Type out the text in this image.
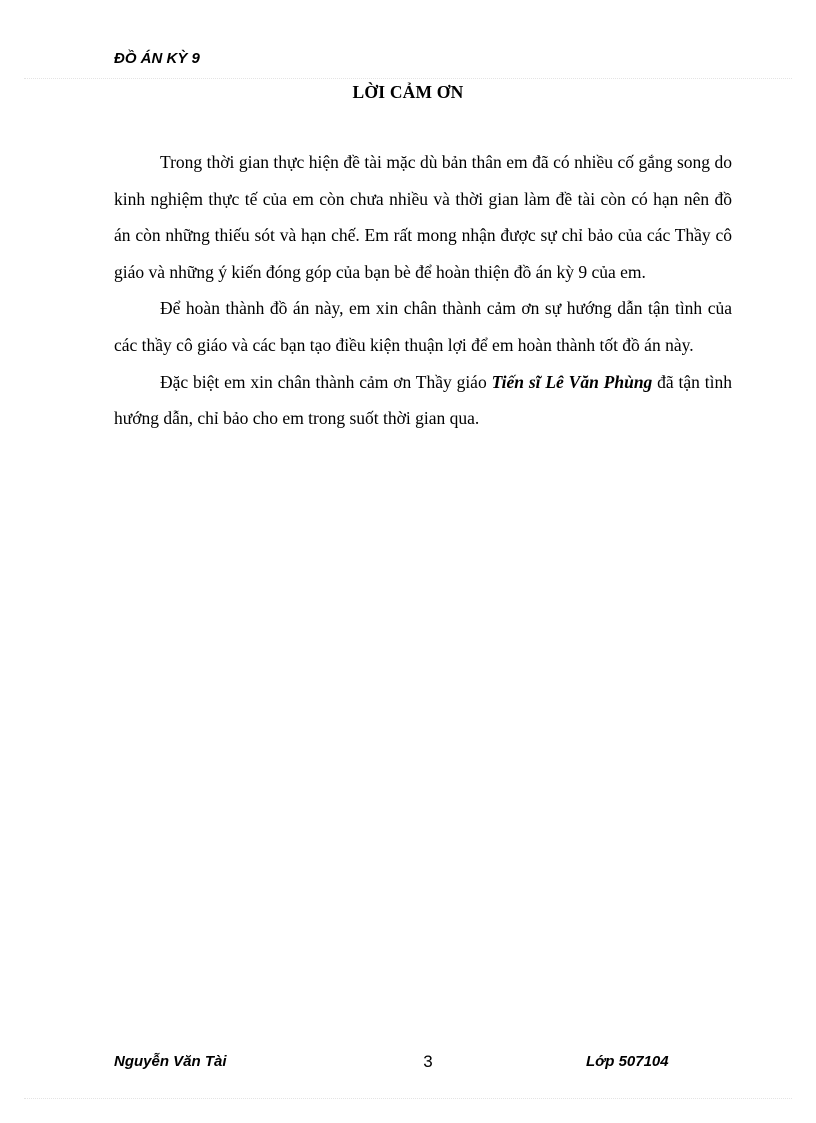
ĐỒ ÁN KỲ 9
LỜI CẢM ƠN

Trong thời gian thực hiện đề tài mặc dù bản thân em đã có nhiều cố gắng song do kinh nghiệm thực tế của em còn chưa nhiều và thời gian làm đề tài còn có hạn nên đồ án còn những thiếu sót và hạn chế. Em rất mong nhận được sự chỉ bảo của các Thầy cô giáo và những ý kiến đóng góp của bạn bè để hoàn thiện đồ án kỳ 9 của em.

Để hoàn thành đồ án này, em xin chân thành cảm ơn sự hướng dẫn tận tình của các thầy cô giáo và các bạn tạo điều kiện thuận lợi để em hoàn thành tốt đồ án này.

Đặc biệt em xin chân thành cảm ơn Thầy giáo Tiến sĩ Lê Văn Phùng đã tận tình hướng dẫn, chỉ bảo cho em trong suốt thời gian qua.

Nguyễn Văn Tài	3	Lớp 507104
